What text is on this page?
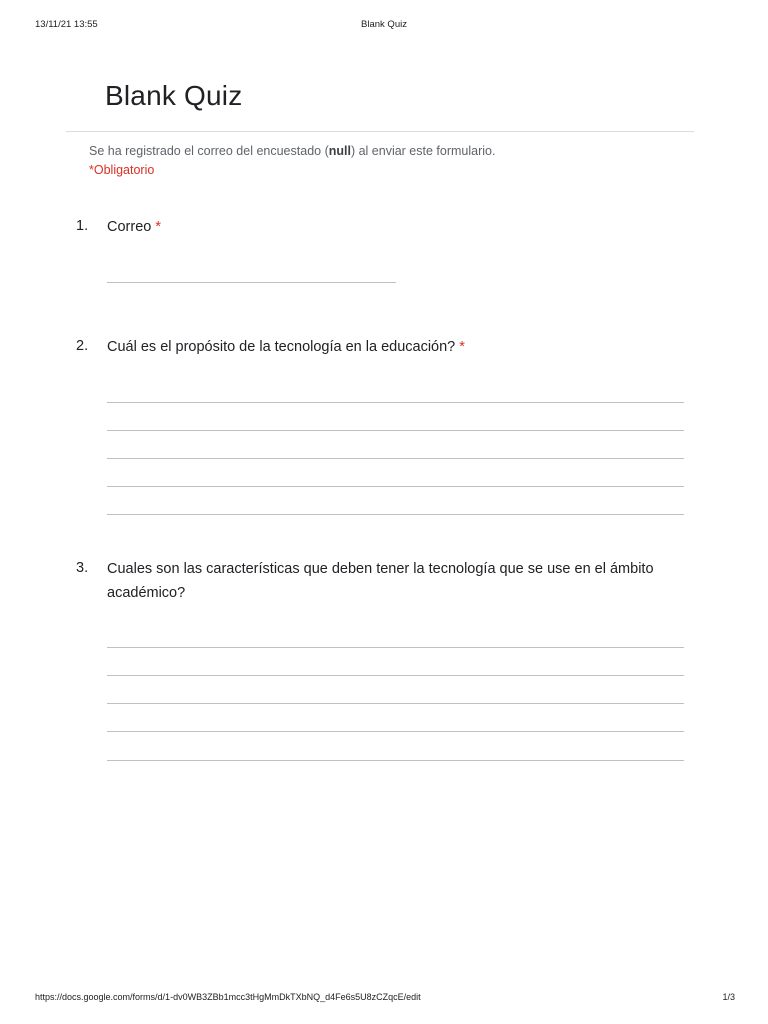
13/11/21 13:55	Blank Quiz
Blank Quiz
Se ha registrado el correo del encuestado (null) al enviar este formulario.
*Obligatorio
1. Correo *
2. Cuál es el propósito de la tecnología en la educación? *
3. Cuales son las características que deben tener la tecnología que se use en el ámbito académico?
https://docs.google.com/forms/d/1-dv0WB3ZBb1mcc3tHgMmDkTXbNQ_d4Fe6s5U8zCZqcE/edit	1/3
